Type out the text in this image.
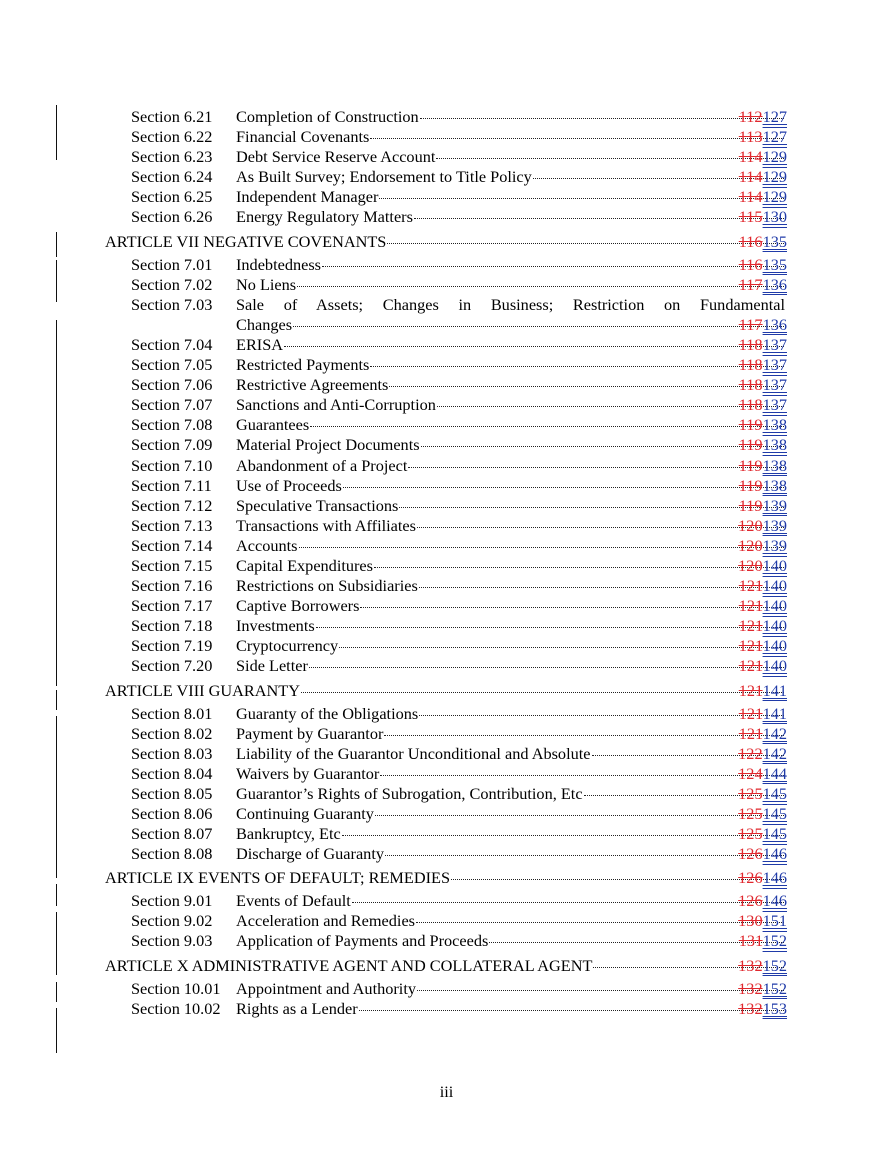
Section 6.21 Completion of Construction	112127
Section 6.22 Financial Covenants	113127
Section 6.23 Debt Service Reserve Account	114129
Section 6.24 As Built Survey; Endorsement to Title Policy	114129
Section 6.25 Independent Manager	114129
Section 6.26 Energy Regulatory Matters	115130
ARTICLE VII NEGATIVE COVENANTS	116135
Section 7.01 Indebtedness	116135
Section 7.02 No Liens	117136
Section 7.03 Sale of Assets; Changes in Business; Restriction on Fundamental
Changes	117136
Section 7.04 ERISA	118137
Section 7.05 Restricted Payments	118137
Section 7.06 Restrictive Agreements	118137
Section 7.07 Sanctions and Anti-Corruption	118137
Section 7.08 Guarantees	119138
Section 7.09 Material Project Documents	119138
Section 7.10 Abandonment of a Project	119138
Section 7.11 Use of Proceeds	119138
Section 7.12 Speculative Transactions	119139
Section 7.13 Transactions with Affiliates	120139
Section 7.14 Accounts	120139
Section 7.15 Capital Expenditures	120140
Section 7.16 Restrictions on Subsidiaries	121140
Section 7.17 Captive Borrowers	121140
Section 7.18 Investments	121140
Section 7.19 Cryptocurrency	121140
Section 7.20 Side Letter	121140
ARTICLE VIII GUARANTY	121141
Section 8.01 Guaranty of the Obligations	121141
Section 8.02 Payment by Guarantor	121142
Section 8.03 Liability of the Guarantor Unconditional and Absolute	122142
Section 8.04 Waivers by Guarantor	124144
Section 8.05 Guarantor’s Rights of Subrogation, Contribution, Etc	125145
Section 8.06 Continuing Guaranty	125145
Section 8.07 Bankruptcy, Etc	125145
Section 8.08 Discharge of Guaranty	126146
ARTICLE IX EVENTS OF DEFAULT; REMEDIES	126146
Section 9.01 Events of Default	126146
Section 9.02 Acceleration and Remedies	130151
Section 9.03 Application of Payments and Proceeds	131152
ARTICLE X ADMINISTRATIVE AGENT AND COLLATERAL AGENT	132152
Section 10.01 Appointment and Authority	132152
Section 10.02 Rights as a Lender	132153
iii
